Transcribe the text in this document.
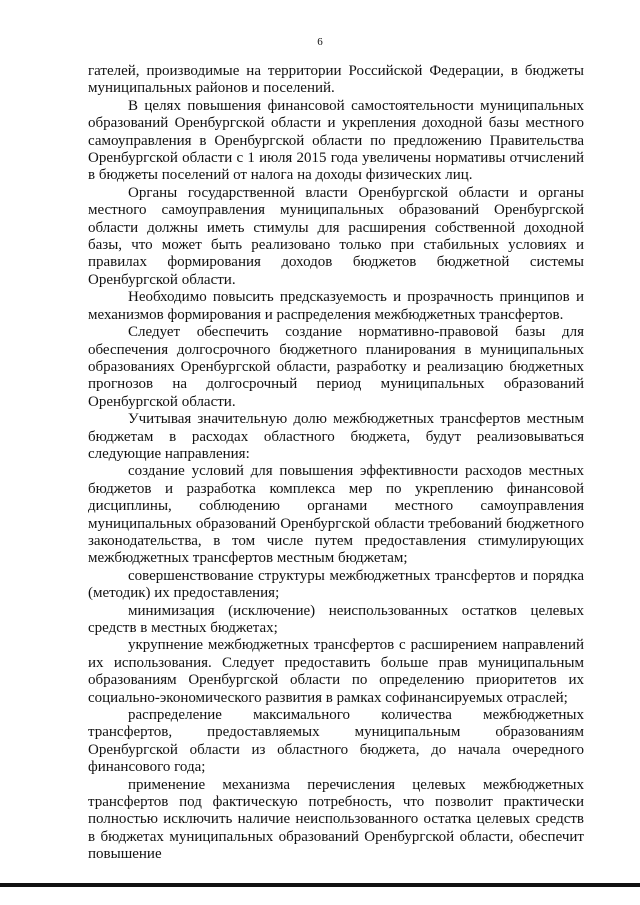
6

гателей, производимые на территории Российской Федерации, в бюджеты муниципальных районов и поселений.

В целях повышения финансовой самостоятельности муниципальных образований Оренбургской области и укрепления доходной базы местного самоуправления в Оренбургской области по предложению Правительства Оренбургской области с 1 июля 2015 года увеличены нормативы отчислений в бюджеты поселений от налога на доходы физических лиц.

Органы государственной власти Оренбургской области и органы местного самоуправления муниципальных образований Оренбургской области должны иметь стимулы для расширения собственной доходной базы, что может быть реализовано только при стабильных условиях и правилах формирования доходов бюджетов бюджетной системы Оренбургской области.

Необходимо повысить предсказуемость и прозрачность принципов и механизмов формирования и распределения межбюджетных трансфертов.

Следует обеспечить создание нормативно-правовой базы для обеспечения долгосрочного бюджетного планирования в муниципальных образованиях Оренбургской области, разработку и реализацию бюджетных прогнозов на долгосрочный период муниципальных образований Оренбургской области.

Учитывая значительную долю межбюджетных трансфертов местным бюджетам в расходах областного бюджета, будут реализовываться следующие направления:

создание условий для повышения эффективности расходов местных бюджетов и разработка комплекса мер по укреплению финансовой дисциплины, соблюдению органами местного самоуправления муниципальных образований Оренбургской области требований бюджетного законодательства, в том числе путем предоставления стимулирующих межбюджетных трансфертов местным бюджетам;

совершенствование структуры межбюджетных трансфертов и порядка (методик) их предоставления;

минимизация (исключение) неиспользованных остатков целевых средств в местных бюджетах;

укрупнение межбюджетных трансфертов с расширением направлений их использования. Следует предоставить больше прав муниципальным образованиям Оренбургской области по определению приоритетов их социально-экономического развития в рамках софинансируемых отраслей;

распределение максимального количества межбюджетных трансфертов, предоставляемых муниципальным образованиям Оренбургской области из областного бюджета, до начала очередного финансового года;

применение механизма перечисления целевых межбюджетных трансфертов под фактическую потребность, что позволит практически полностью исключить наличие неиспользованного остатка целевых средств в бюджетах муниципальных образований Оренбургской области, обеспечит повышение
